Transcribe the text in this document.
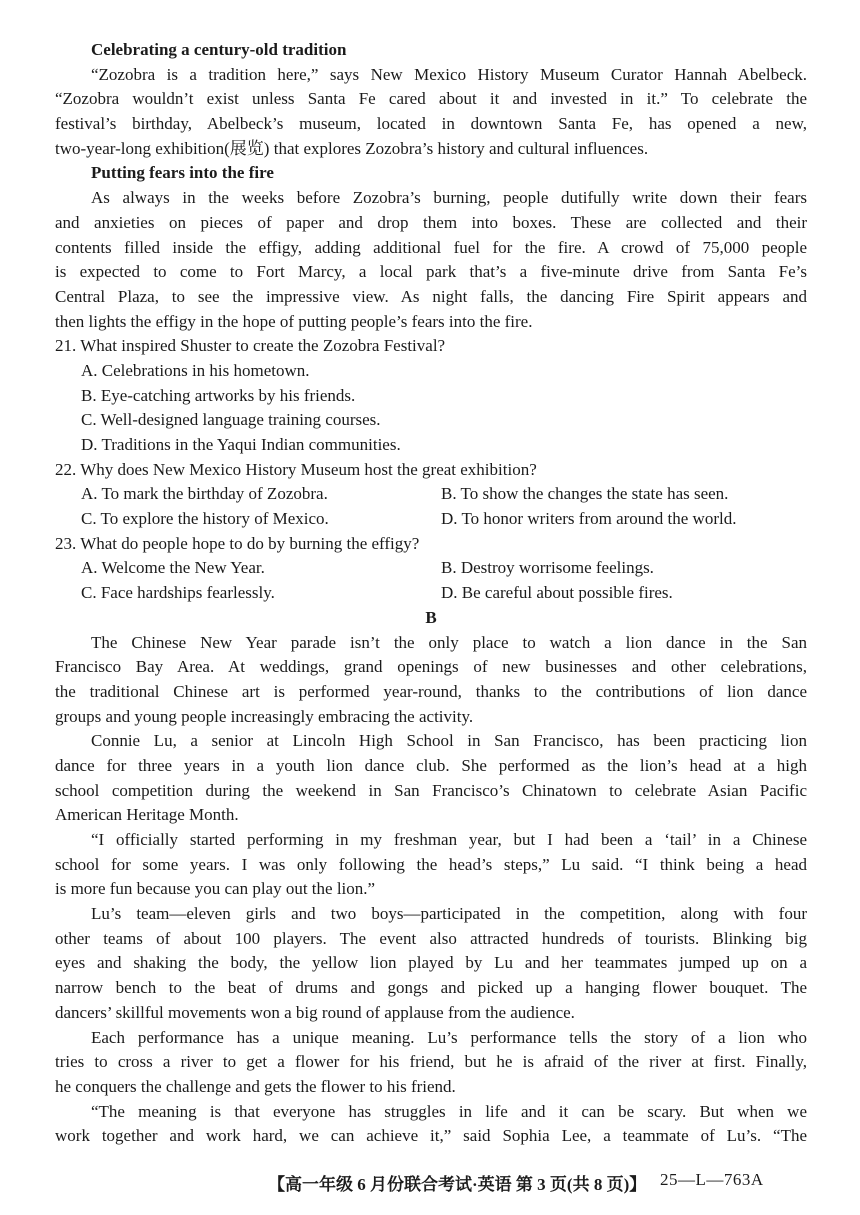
Celebrating a century-old tradition
“Zozobra is a tradition here,” says New Mexico History Museum Curator Hannah Abelbeck.
“Zozobra wouldn’t exist unless Santa Fe cared about it and invested in it.” To celebrate the
festival’s birthday, Abelbeck’s museum, located in downtown Santa Fe, has opened a new,
two-year-long exhibition(展览) that explores Zozobra’s history and cultural influences.
Putting fears into the fire
As always in the weeks before Zozobra’s burning, people dutifully write down their fears
and anxieties on pieces of paper and drop them into boxes. These are collected and their
contents filled inside the effigy, adding additional fuel for the fire. A crowd of 75,000 people
is expected to come to Fort Marcy, a local park that’s a five-minute drive from Santa Fe’s
Central Plaza, to see the impressive view. As night falls, the dancing Fire Spirit appears and
then lights the effigy in the hope of putting people’s fears into the fire.
21. What inspired Shuster to create the Zozobra Festival?
A. Celebrations in his hometown.
B. Eye-catching artworks by his friends.
C. Well-designed language training courses.
D. Traditions in the Yaqui Indian communities.
22. Why does New Mexico History Museum host the great exhibition?
A. To mark the birthday of Zozobra.	B. To show the changes the state has seen.
C. To explore the history of Mexico.	D. To honor writers from around the world.
23. What do people hope to do by burning the effigy?
A. Welcome the New Year.	B. Destroy worrisome feelings.
C. Face hardships fearlessly.	D. Be careful about possible fires.
B
The Chinese New Year parade isn’t the only place to watch a lion dance in the San
Francisco Bay Area. At weddings, grand openings of new businesses and other celebrations,
the traditional Chinese art is performed year-round, thanks to the contributions of lion dance
groups and young people increasingly embracing the activity.
Connie Lu, a senior at Lincoln High School in San Francisco, has been practicing lion
dance for three years in a youth lion dance club. She performed as the lion’s head at a high
school competition during the weekend in San Francisco’s Chinatown to celebrate Asian Pacific
American Heritage Month.
“I officially started performing in my freshman year, but I had been a ‘tail’ in a Chinese
school for some years. I was only following the head’s steps,” Lu said. “I think being a head
is more fun because you can play out the lion.”
Lu’s team—eleven girls and two boys—participated in the competition, along with four
other teams of about 100 players. The event also attracted hundreds of tourists. Blinking big
eyes and shaking the body, the yellow lion played by Lu and her teammates jumped up on a
narrow bench to the beat of drums and gongs and picked up a hanging flower bouquet. The
dancers’ skillful movements won a big round of applause from the audience.
Each performance has a unique meaning. Lu’s performance tells the story of a lion who
tries to cross a river to get a flower for his friend, but he is afraid of the river at first. Finally,
he conquers the challenge and gets the flower to his friend.
“The meaning is that everyone has struggles in life and it can be scary. But when we
work together and work hard, we can achieve it,” said Sophia Lee, a teammate of Lu’s. “The
【高一年级 6 月份联合考试·英语 第 3 页(共 8 页)】 25—L—763A
